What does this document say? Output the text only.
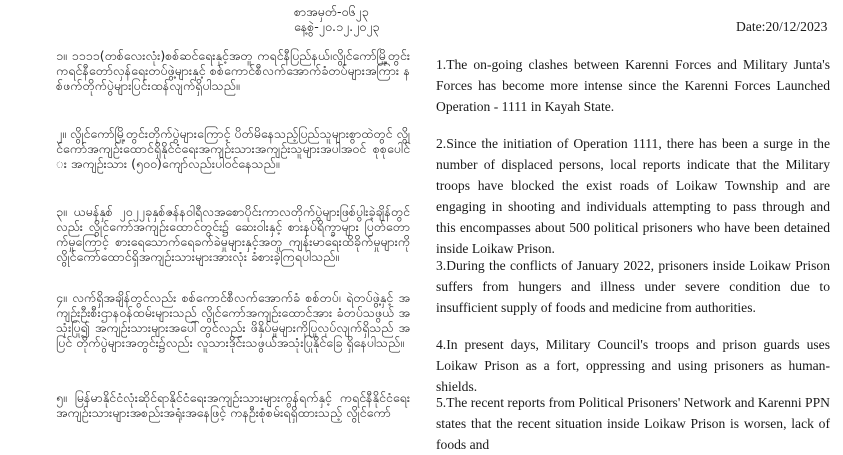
စာအမှတ်-၀၆၂၃
နေ့စွဲ-၂၀.၁၂.၂၀၂၃
၁။ ၁၁၁၁(တစ်လေးလုံး)စစ်ဆင်ရေးနှင့်အတူ ကရင်နီပြည်နယ်၊လွိုင်ကော်မြို့တွင်း ကရင်နီတော်လှန်ရေးတပ်ဖွဲ့များနှင့် စစ်ကောင်စီလက်အောက်ခံတပ်များအကြား နစ်ဖက်တိုက်ပွဲများပြင်းထန်လျက်ရှိပါသည်။
၂။ လွိုင်ကော်မြို့တွင်းတိုက်ပွဲများကြောင့် ပိတ်မိနေသည့်ပြည်သူများစွာထဲတွင် လွိုင်ကော်အကျဉ်းထောင်ရှိနိုင်ငံရေးအကျဉ်းသားအကျဉ်းသူများအပါအဝင် စုစုပေါင်း အကျဉ်းသား (၅၀၀)ကျော်လည်းပါဝင်နေသည်။
၃။ ယမန်နှစ် ၂၀၂၂ခုနှစ်ဇန်နဝါရီလအစောပိုင်းကာလတိုက်ပွဲများဖြစ်ပွါးခဲ့ချိန်တွင်လည်း လွိုင်ကော်အကျဉ်းထောင်တွင်း၌ ဆေးဝါးနှင့် စားနပ်ရိက္ခာများ ပြတ်တောက်မှုကြောင့် စားရေသောက်ရေခက်ခဲမှုများနှင့်အတူ ကျန်းမာရေးထိခိုက်မှုများကိုလွိုင်ကော်ထောင်ရှိအကျဉ်းသားများအားလုံး ခံစားခဲ့ကြရပါသည်။
၄။ လက်ရှိအချိန်တွင်လည်း စစ်ကောင်စီလက်အောက်ခံ စစ်တပ်၊ ရဲတပ်ဖွဲ့နှင့် အကျဉ်းဦးစီးဌာနဝန်ထမ်းများသည် လွိုင်ကော်အကျဉ်းထောင်အား ခံတပ်သဖွယ် အသုံးပြု၍ အကျဉ်းသားများအပေါ်တွင်လည်း ဖိနှိပ်မှုများကိုပြုလုပ်လျက်ရှိသည် အပြင် တိုက်ပွဲများအတွင်း၌လည်း လူသားဒိုင်းသဖွယ်အသုံးပြုနိုင်ခြေ ရှိနေပါသည်။
၅။ မြန်မာနိုင်ငံလုံးဆိုင်ရာနိုင်ငံရေးအကျဉ်းသားများကွန်ရက်နှင့် ကရင်နီနိုင်ငံရေး အကျဉ်းသားများအစည်းအရုံးအနေဖြင့် ကနဦးစုံစမ်းရရှိထားသည့် လွိုင်ကော်
Date:20/12/2023
1.The on-going clashes between Karenni Forces and Military Junta's Forces has become more intense since the Karenni Forces Launched Operation - 1111 in Kayah State.
2.Since the initiation of Operation 1111, there has been a surge in the number of displaced persons, local reports indicate that the Military troops have blocked the exist roads of Loikaw Township and are engaging in shooting and individuals attempting to pass through and this encompasses about 500 political prisoners who have been detained inside Loikaw Prison.
3.During the conflicts of January 2022, prisoners inside Loikaw Prison suffers from hungers and illness under severe condition due to insufficient supply of foods and medicine from authorities.
4.In present days, Military Council's troops and prison guards uses Loikaw Prison as a fort, oppressing and using prisoners as human-shields.
5.The recent reports from Political Prisoners' Network and Karenni PPN states that the recent situation inside Loikaw Prison is worsen, lack of foods and
